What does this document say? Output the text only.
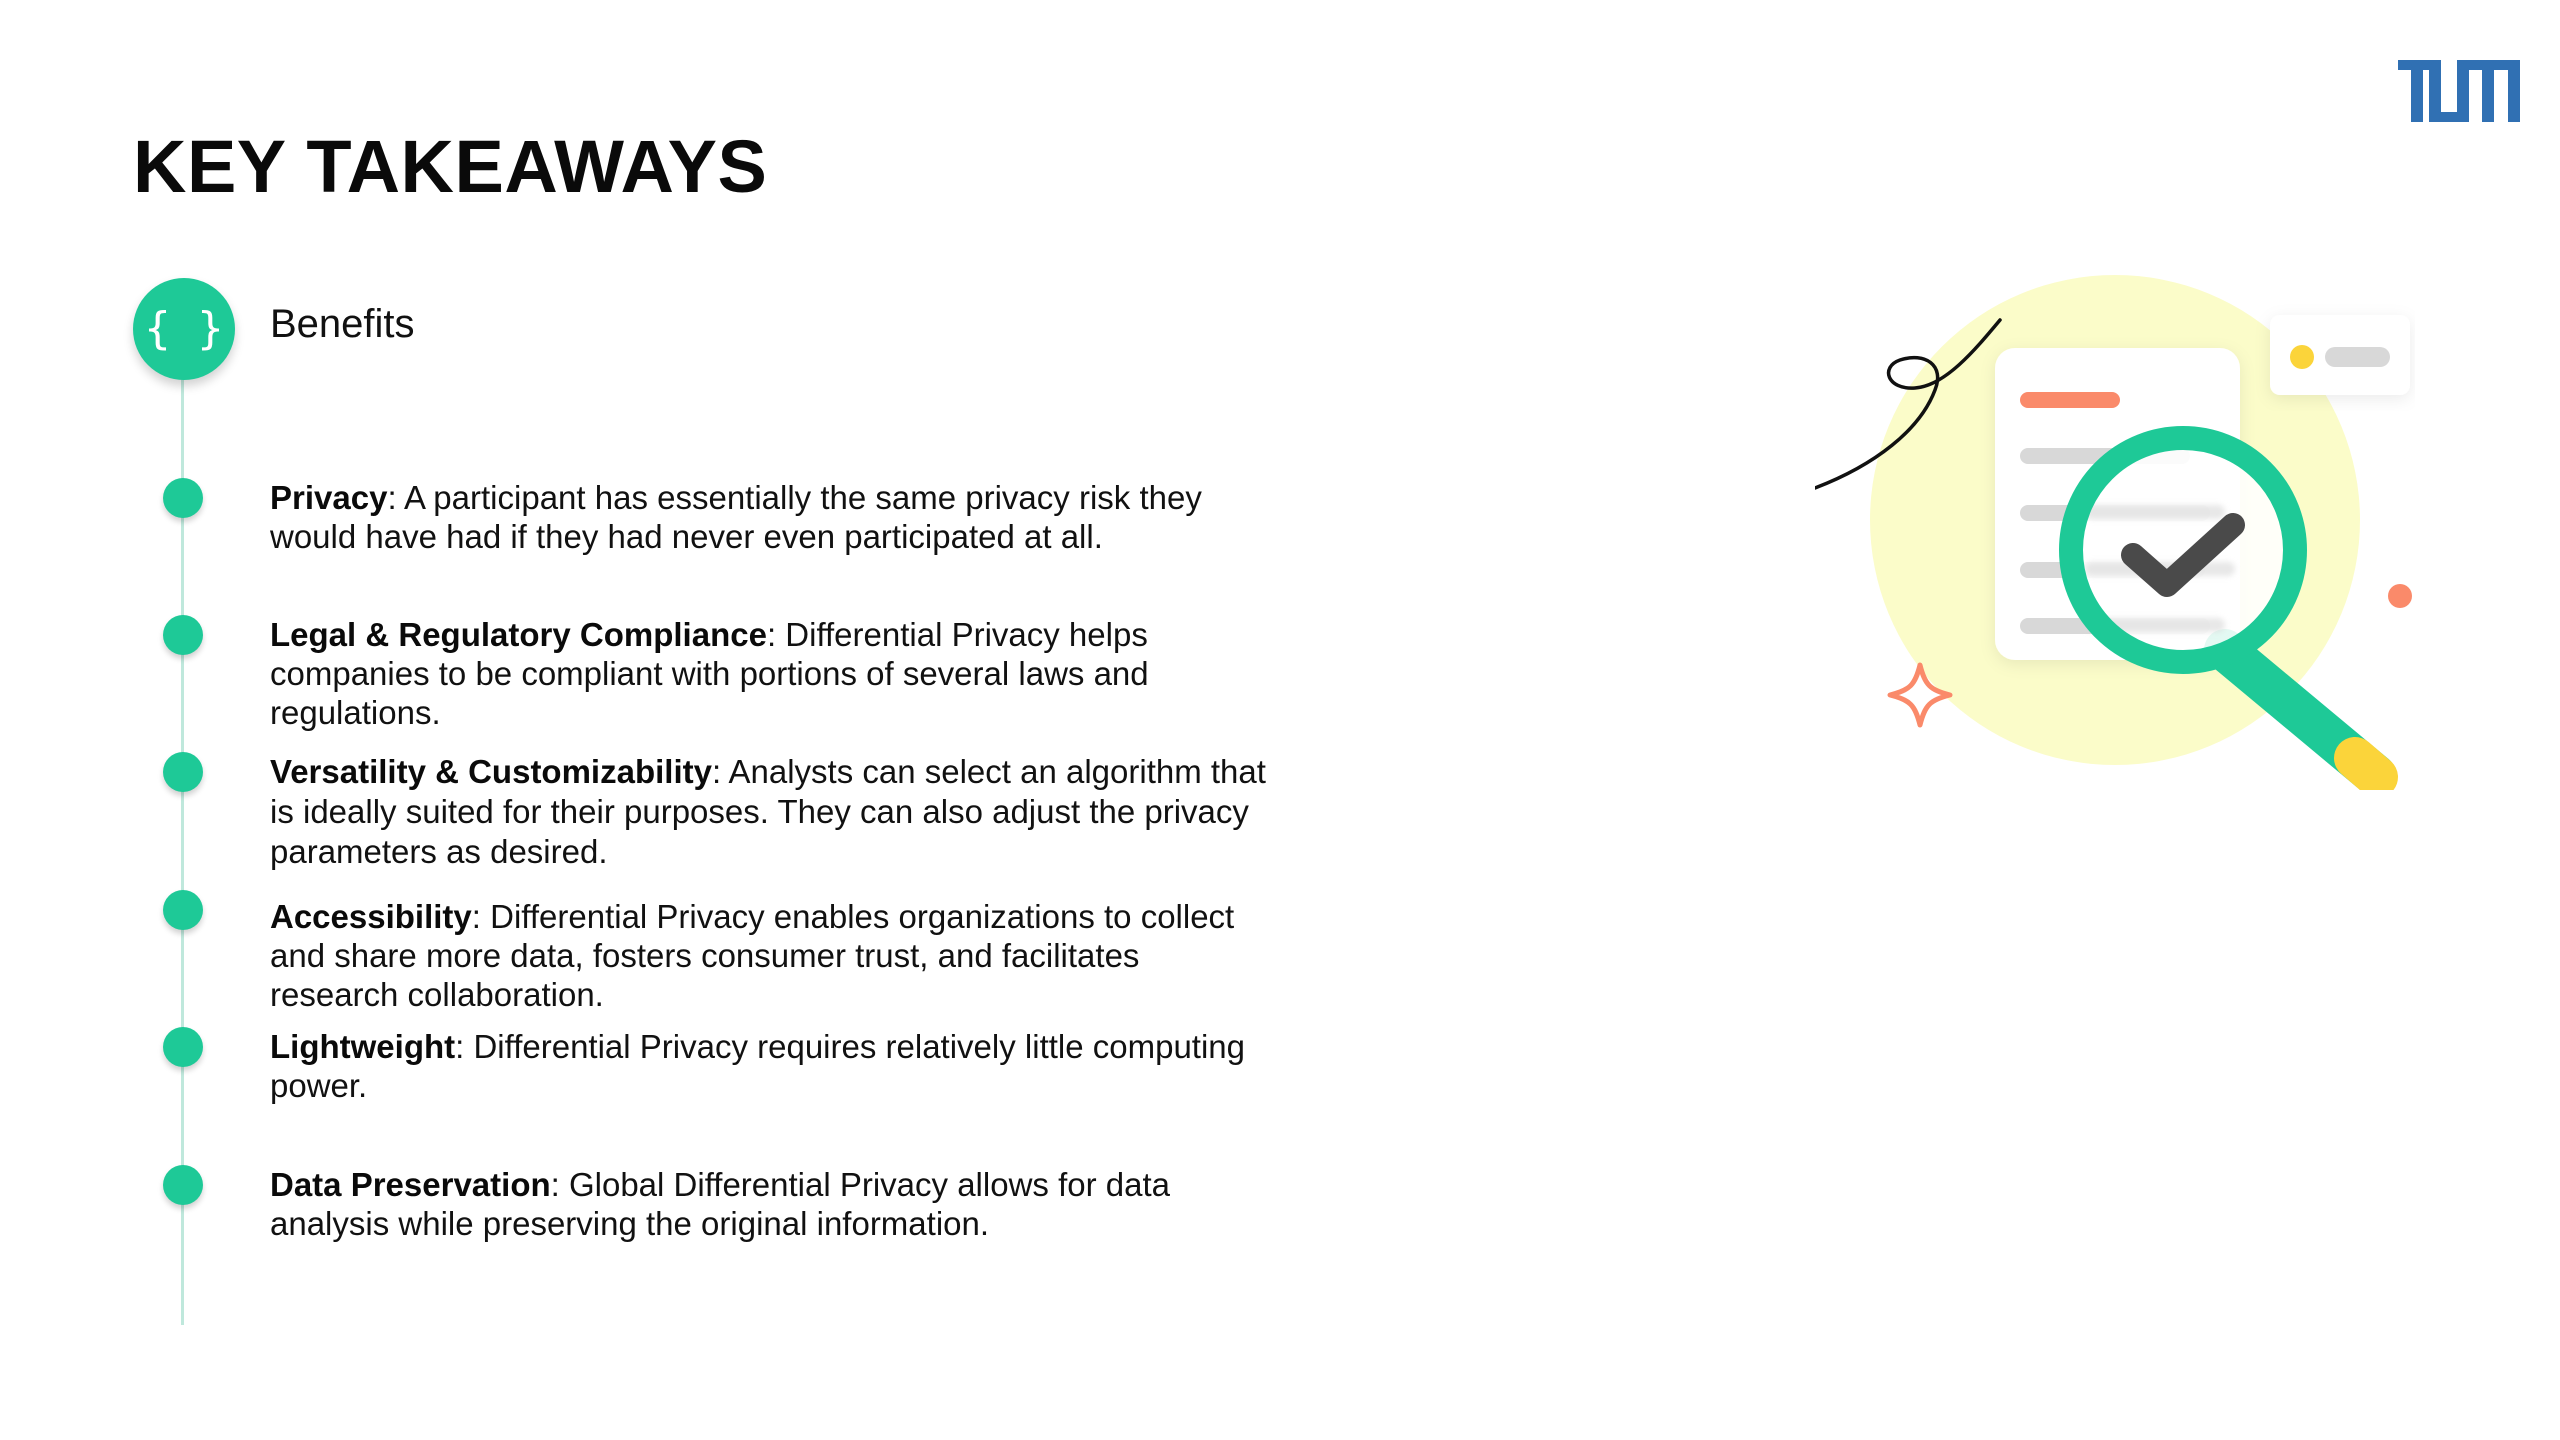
KEY TAKEAWAYS
{ } Benefits
Privacy: A participant has essentially the same privacy risk they would have had if they had never even participated at all.
Legal & Regulatory Compliance: Differential Privacy helps companies to be compliant with portions of several laws and regulations.
Versatility & Customizability: Analysts can select an algorithm that is ideally suited for their purposes. They can also adjust the privacy parameters as desired.
Accessibility: Differential Privacy enables organizations to collect and share more data, fosters consumer trust, and facilitates research collaboration.
Lightweight: Differential Privacy requires relatively little computing power.
Data Preservation: Global Differential Privacy allows for data analysis while preserving the original information.
